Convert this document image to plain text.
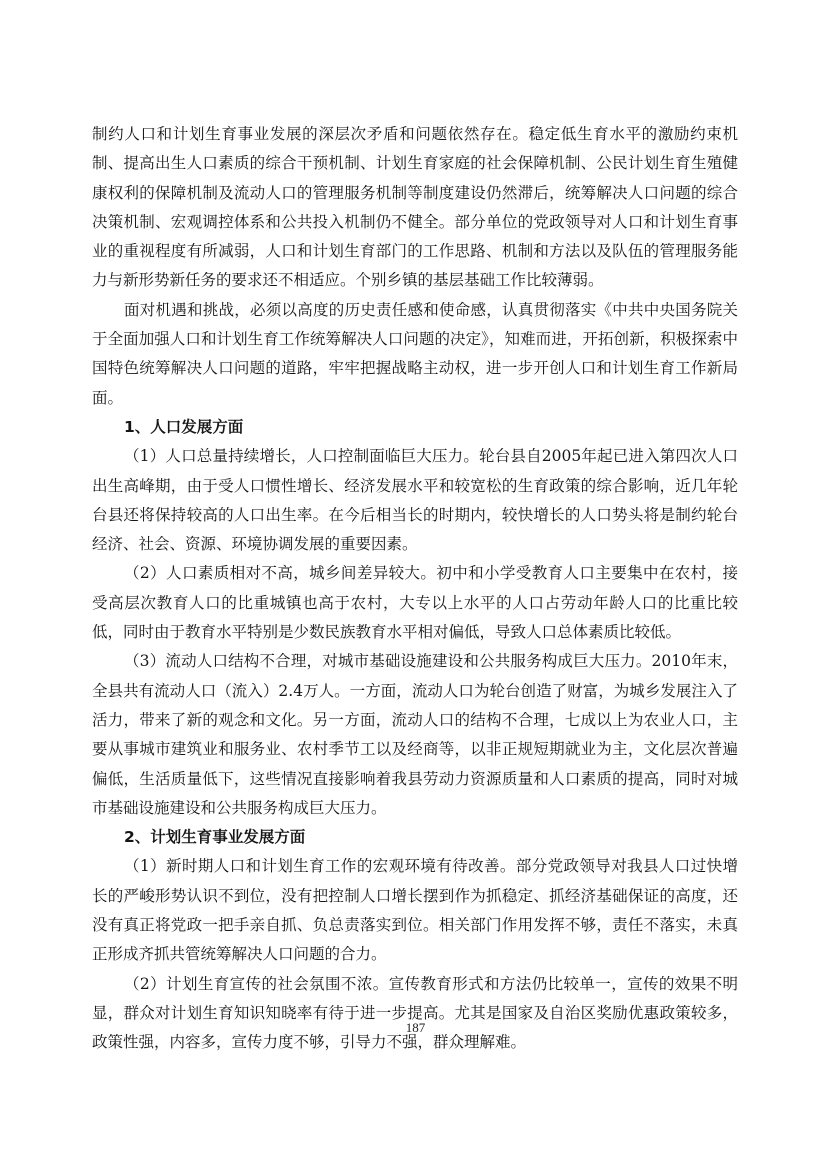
制约人口和计划生育事业发展的深层次矛盾和问题依然存在。稳定低生育水平的激励约束机制、提高出生人口素质的综合干预机制、计划生育家庭的社会保障机制、公民计划生育生殖健康权利的保障机制及流动人口的管理服务机制等制度建设仍然滞后，统筹解决人口问题的综合决策机制、宏观调控体系和公共投入机制仍不健全。部分单位的党政领导对人口和计划生育事业的重视程度有所减弱，人口和计划生育部门的工作思路、机制和方法以及队伍的管理服务能力与新形势新任务的要求还不相适应。个别乡镇的基层基础工作比较薄弱。

面对机遇和挑战，必须以高度的历史责任感和使命感，认真贯彻落实《中共中央国务院关于全面加强人口和计划生育工作统筹解决人口问题的决定》，知难而进，开拓创新，积极探索中国特色统筹解决人口问题的道路，牢牢把握战略主动权，进一步开创人口和计划生育工作新局面。

1、人口发展方面

（1）人口总量持续增长，人口控制面临巨大压力。轮台县自2005年起已进入第四次人口出生高峰期，由于受人口惯性增长、经济发展水平和较宽松的生育政策的综合影响，近几年轮台县还将保持较高的人口出生率。在今后相当长的时期内，较快增长的人口势头将是制约轮台经济、社会、资源、环境协调发展的重要因素。

（2）人口素质相对不高，城乡间差异较大。初中和小学受教育人口主要集中在农村，接受高层次教育人口的比重城镇也高于农村，大专以上水平的人口占劳动年龄人口的比重比较低，同时由于教育水平特别是少数民族教育水平相对偏低，导致人口总体素质比较低。

（3）流动人口结构不合理，对城市基础设施建设和公共服务构成巨大压力。2010年末，全县共有流动人口（流入）2.4万人。一方面，流动人口为轮台创造了财富，为城乡发展注入了活力，带来了新的观念和文化。另一方面，流动人口的结构不合理，七成以上为农业人口，主要从事城市建筑业和服务业、农村季节工以及经商等，以非正规短期就业为主，文化层次普遍偏低，生活质量低下，这些情况直接影响着我县劳动力资源质量和人口素质的提高，同时对城市基础设施建设和公共服务构成巨大压力。

2、计划生育事业发展方面

（1）新时期人口和计划生育工作的宏观环境有待改善。部分党政领导对我县人口过快增长的严峻形势认识不到位，没有把控制人口增长摆到作为抓稳定、抓经济基础保证的高度，还没有真正将党政一把手亲自抓、负总责落实到位。相关部门作用发挥不够，责任不落实，未真正形成齐抓共管统筹解决人口问题的合力。

（2）计划生育宣传的社会氛围不浓。宣传教育形式和方法仍比较单一，宣传的效果不明显，群众对计划生育知识知晓率有待于进一步提高。尤其是国家及自治区奖励优惠政策较多，政策性强，内容多，宣传力度不够，引导力不强，群众理解难。

187
